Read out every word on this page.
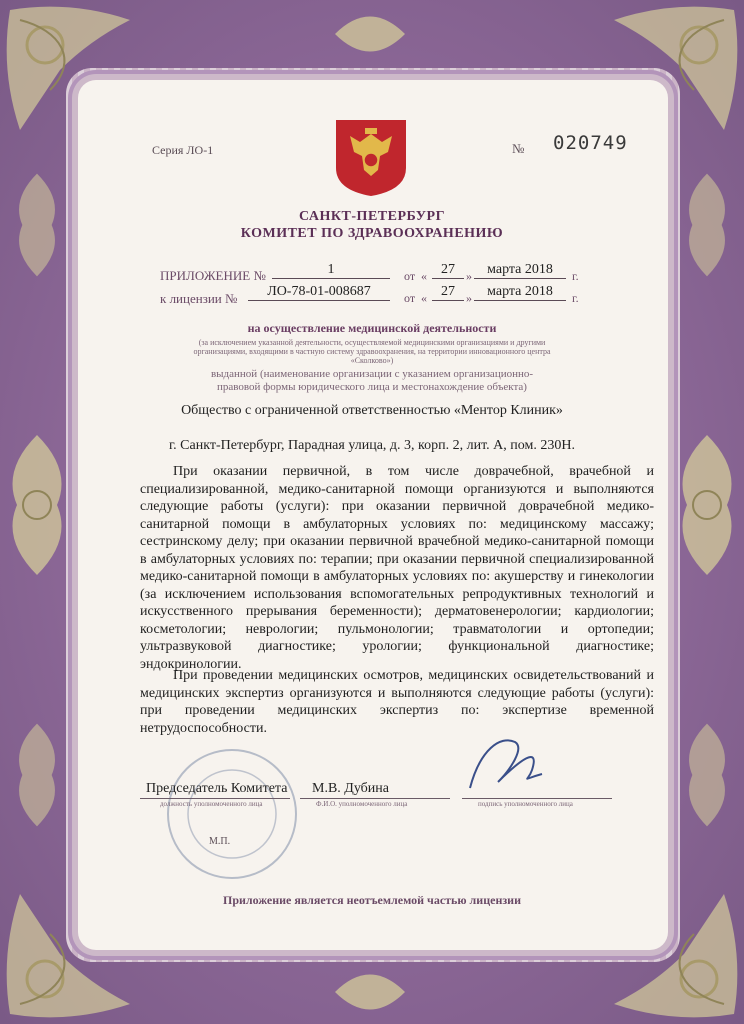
Серия ЛО-1	№ 020749
САНКТ-ПЕТЕРБУРГ
КОМИТЕТ ПО ЗДРАВООХРАНЕНИЮ
ПРИЛОЖЕНИЕ №	1	от «	27 »	марта 2018	г.
к лицензии №	ЛО-78-01-008687	от «	27 »	марта 2018	г.
на осуществление медицинской деятельности
(за исключением указанной деятельности, осуществляемой медицинскими организациями и другими организациями, входящими в частную систему здравоохранения, на территории инновационного центра «Сколково»)
выданной (наименование организации с указанием организационно-
правовой формы юридического лица и местонахождение объекта)
Общество с ограниченной ответственностью «Ментор Клиник»
г. Санкт-Петербург, Парадная улица, д. 3, корп. 2, лит. А, пом. 230Н.
При оказании первичной, в том числе доврачебной, врачебной и специализированной, медико-санитарной помощи организуются и выполняются следующие работы (услуги): при оказании первичной доврачебной медико-санитарной помощи в амбулаторных условиях по: медицинскому массажу; сестринскому делу; при оказании первичной врачебной медико-санитарной помощи в амбулаторных условиях по: терапии; при оказании первичной специализированной медико-санитарной помощи в амбулаторных условиях по: акушерству и гинекологии (за исключением использования вспомогательных репродуктивных технологий и искусственного прерывания беременности); дерматовенерологии; кардиологии; косметологии; неврологии; пульмонологии; травматологии и ортопедии; ультразвуковой диагностике; урологии; функциональной диагностике; эндокринологии.
При проведении медицинских осмотров, медицинских освидетельствований и медицинских экспертиз организуются и выполняются следующие работы (услуги): при проведении медицинских экспертиз по: экспертизе временной нетрудоспособности.
Председатель Комитета М.В. Дубина
должность уполномоченного лица	Ф.И.О. уполномоченного лица	подпись уполномоченного лица
М.П.
Приложение является неотъемлемой частью лицензии
